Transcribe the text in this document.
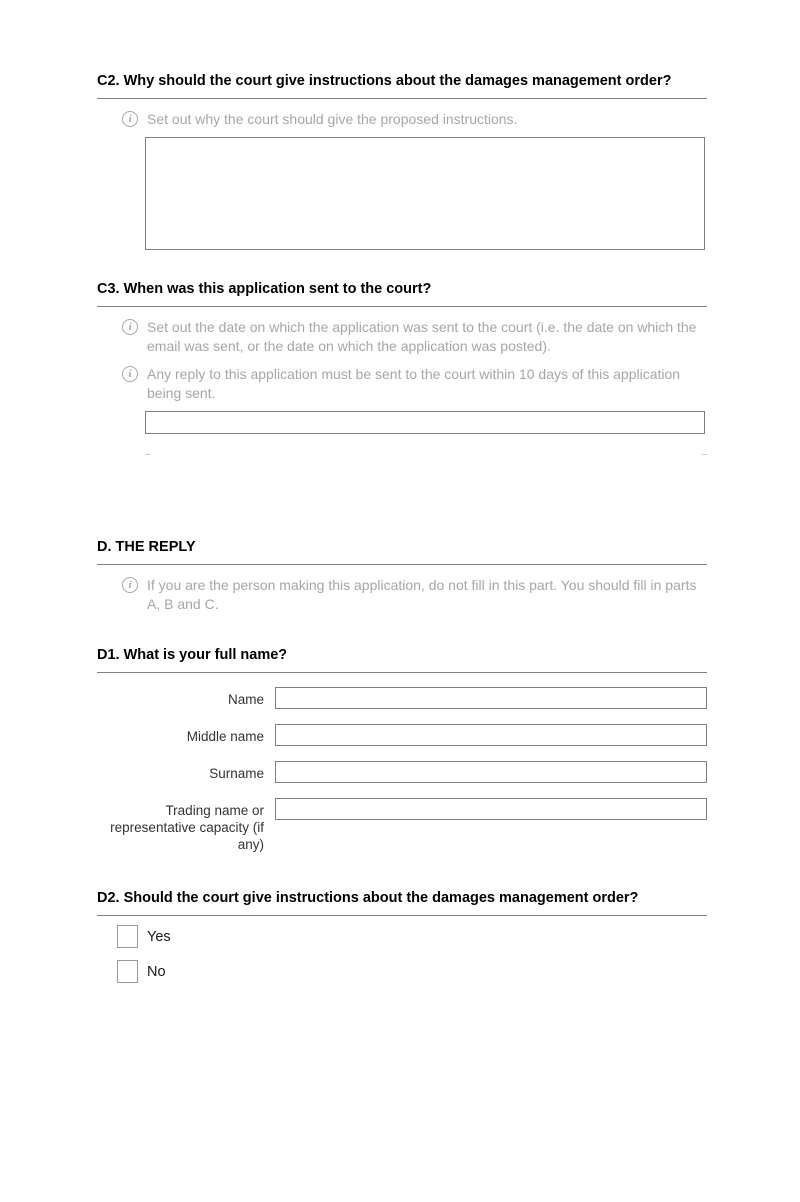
C2. Why should the court give instructions about the damages management order?
i	Set out why the court should give the proposed instructions.
C3. When was this application sent to the court?
i	Set out the date on which the application was sent to the court (i.e. the date on which the email was sent, or the date on which the application was posted).
i	Any reply to this application must be sent to the court within 10 days of this application being sent.
D. THE REPLY
i	If you are the person making this application, do not fill in this part. You should fill in parts A, B and C.
D1. What is your full name?
Name
Middle name
Surname
Trading name or representative capacity (if any)
D2. Should the court give instructions about the damages management order?
Yes
No
